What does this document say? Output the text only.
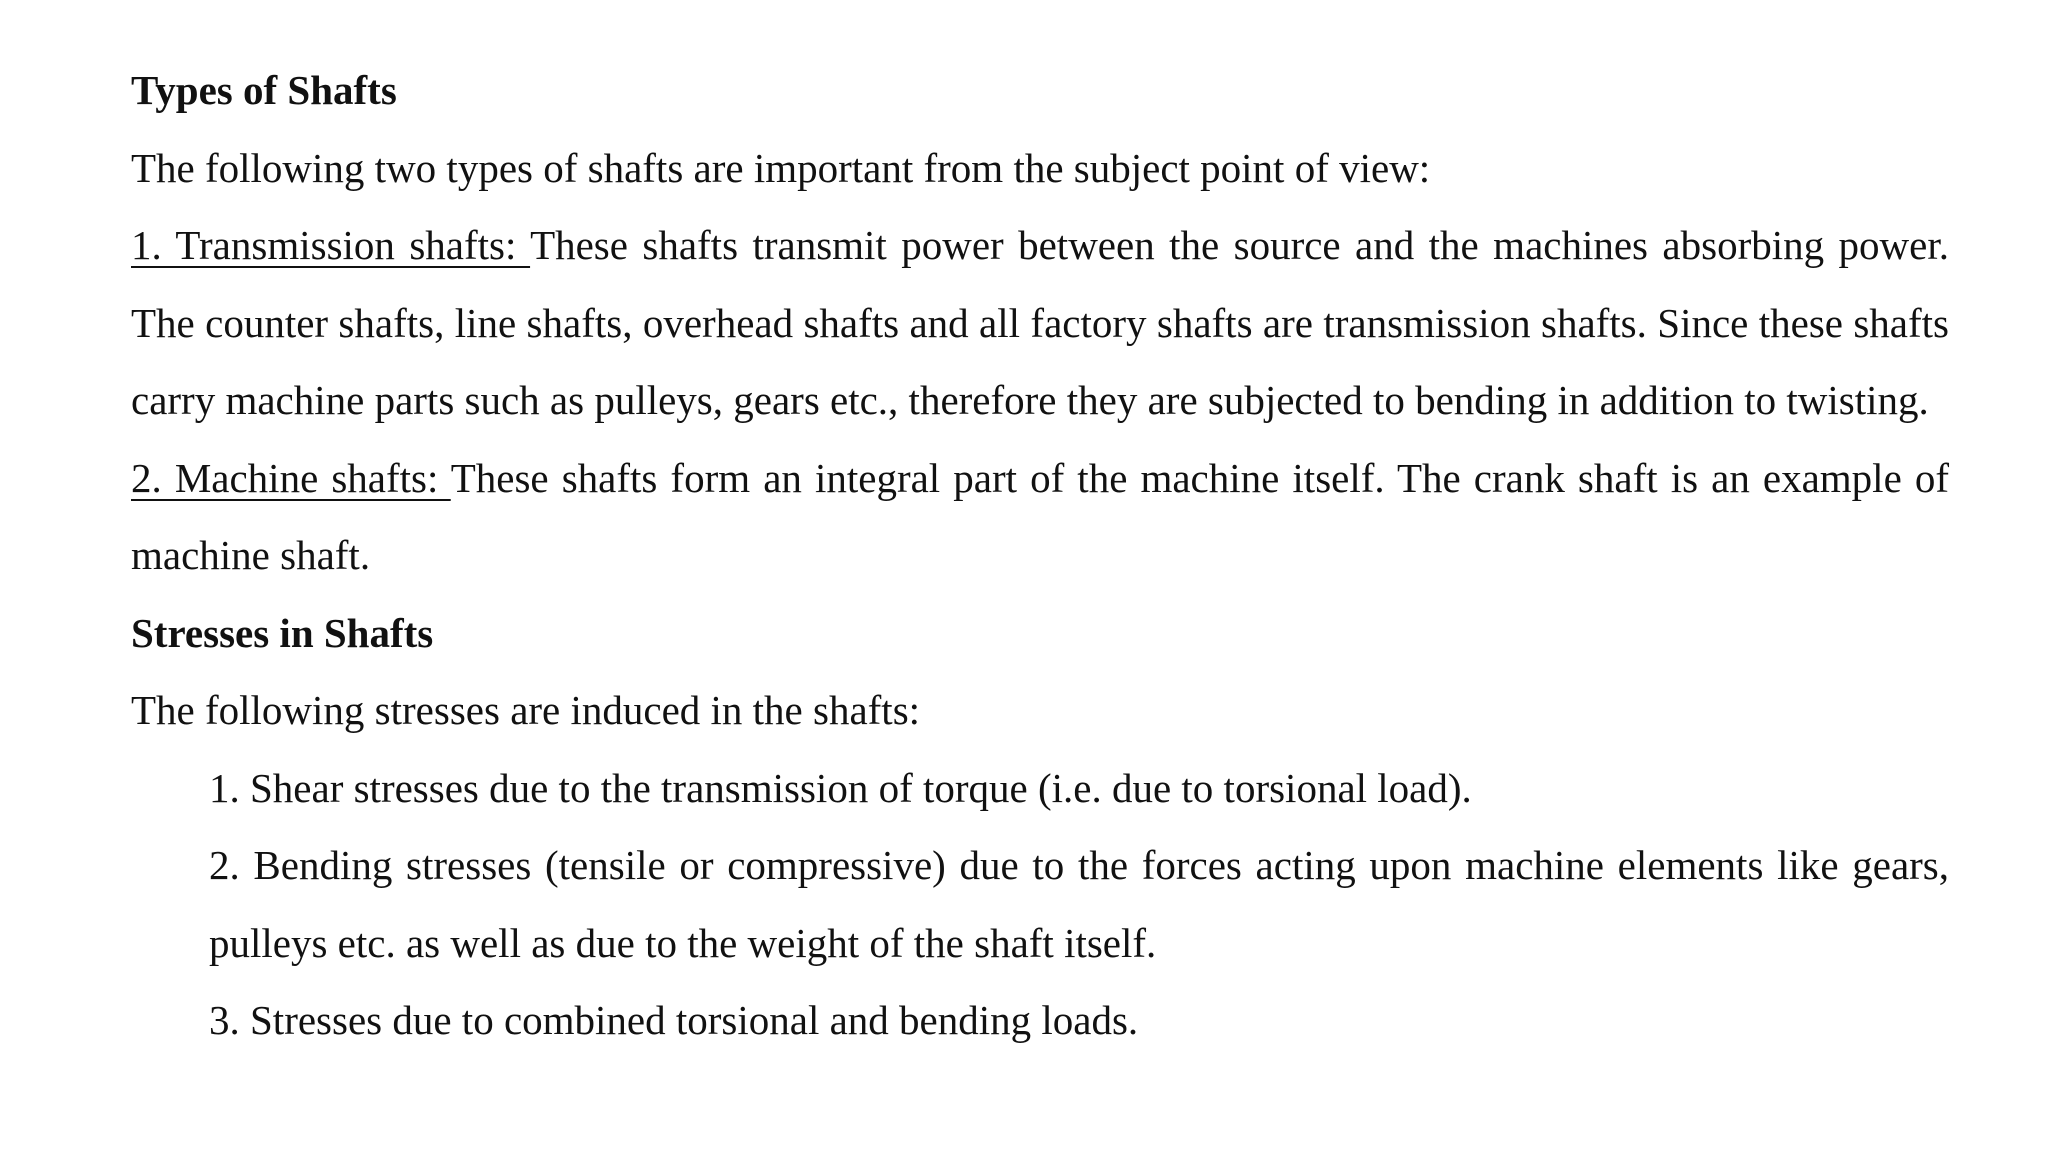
Types of Shafts
The following two types of shafts are important from the subject point of view:
1. Transmission shafts: These shafts transmit power between the source and the machines absorbing power. The counter shafts, line shafts, overhead shafts and all factory shafts are transmission shafts. Since these shafts carry machine parts such as pulleys, gears etc., therefore they are subjected to bending in addition to twisting.
2. Machine shafts: These shafts form an integral part of the machine itself. The crank shaft is an example of machine shaft.
Stresses in Shafts
The following stresses are induced in the shafts:
1. Shear stresses due to the transmission of torque (i.e. due to torsional load).
2. Bending stresses (tensile or compressive) due to the forces acting upon machine elements like gears, pulleys etc. as well as due to the weight of the shaft itself.
3. Stresses due to combined torsional and bending loads.
